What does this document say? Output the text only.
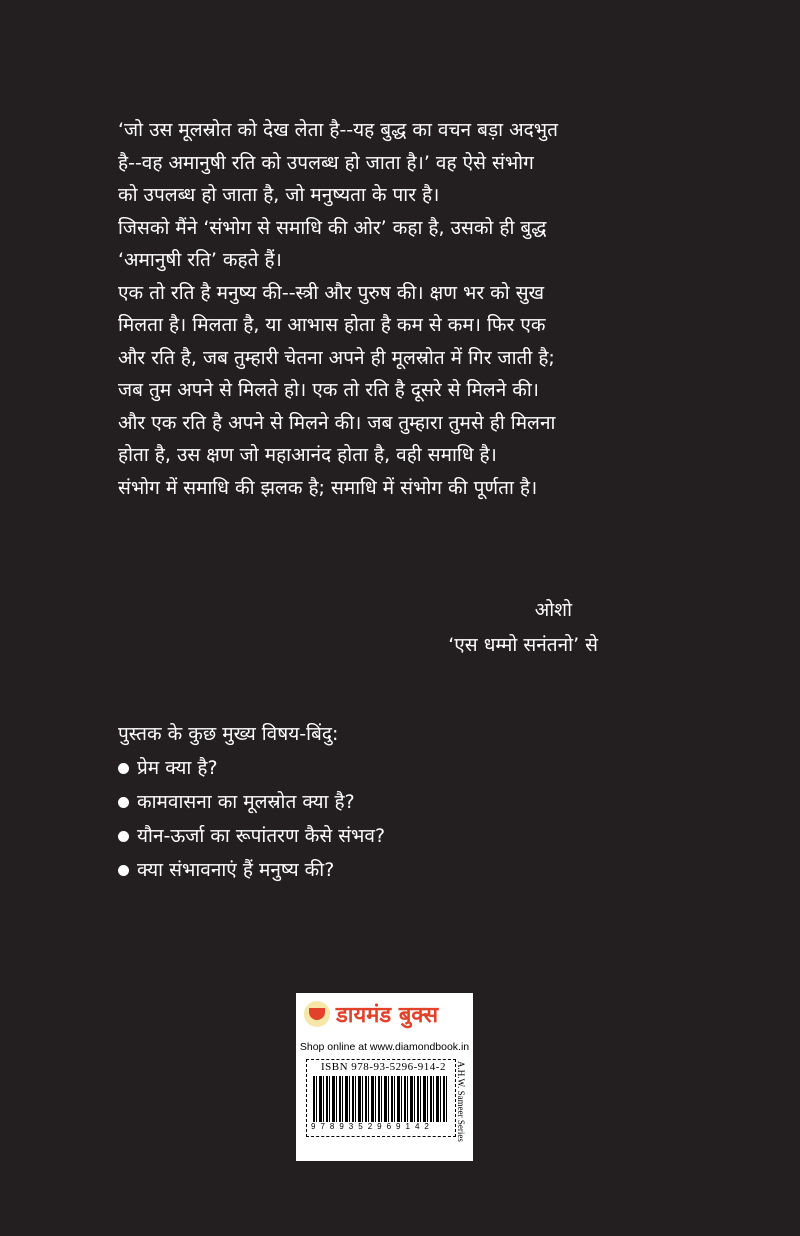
‘जो उस मूलस्रोत को देख लेता है--यह बुद्ध का वचन बड़ा अदभुत
है--वह अमानुषी रति को उपलब्ध हो जाता है।’ वह ऐसे संभोग
को उपलब्ध हो जाता है, जो मनुष्यता के पार है।
जिसको मैंने ‘संभोग से समाधि की ओर’ कहा है, उसको ही बुद्ध
‘अमानुषी रति’ कहते हैं।
एक तो रति है मनुष्य की--स्त्री और पुरुष की। क्षण भर को सुख
मिलता है। मिलता है, या आभास होता है कम से कम। फिर एक
और रति है, जब तुम्हारी चेतना अपने ही मूलस्रोत में गिर जाती है;
जब तुम अपने से मिलते हो। एक तो रति है दूसरे से मिलने की।
और एक रति है अपने से मिलने की। जब तुम्हारा तुमसे ही मिलना
होता है, उस क्षण जो महाआनंद होता है, वही समाधि है।
संभोग में समाधि की झलक है; समाधि में संभोग की पूर्णता है।
ओशो
‘एस धम्मो सनंतनो’ से
पुस्तक के कुछ मुख्य विषय-बिंदु:
प्रेम क्या है?
कामवासना का मूलस्रोत क्या है?
यौन-ऊर्जा का रूपांतरण कैसे संभव?
क्या संभावनाएं हैं मनुष्य की?
डायमंड बुक्स
Shop online at www.diamondbook.in
ISBN 978-93-5296-914-2
9789352969142 A.H.W. Sameer Series
